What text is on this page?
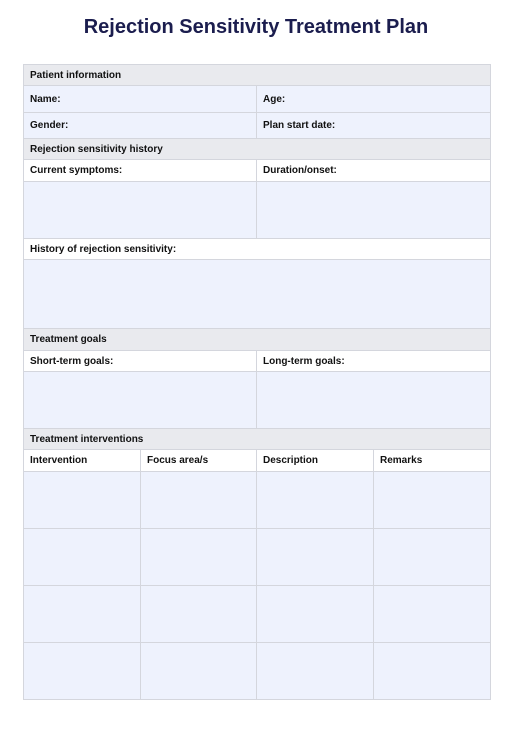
Rejection Sensitivity Treatment Plan
Patient information			
Name:		Age:	
Gender:		Plan start date:	
Rejection sensitivity history			
Current symptoms:		Duration/onset:	

History of rejection sensitivity:			

Treatment goals			
Short-term goals:		Long-term goals:	

Treatment interventions			
Intervention	Focus area/s	Description	Remarks
